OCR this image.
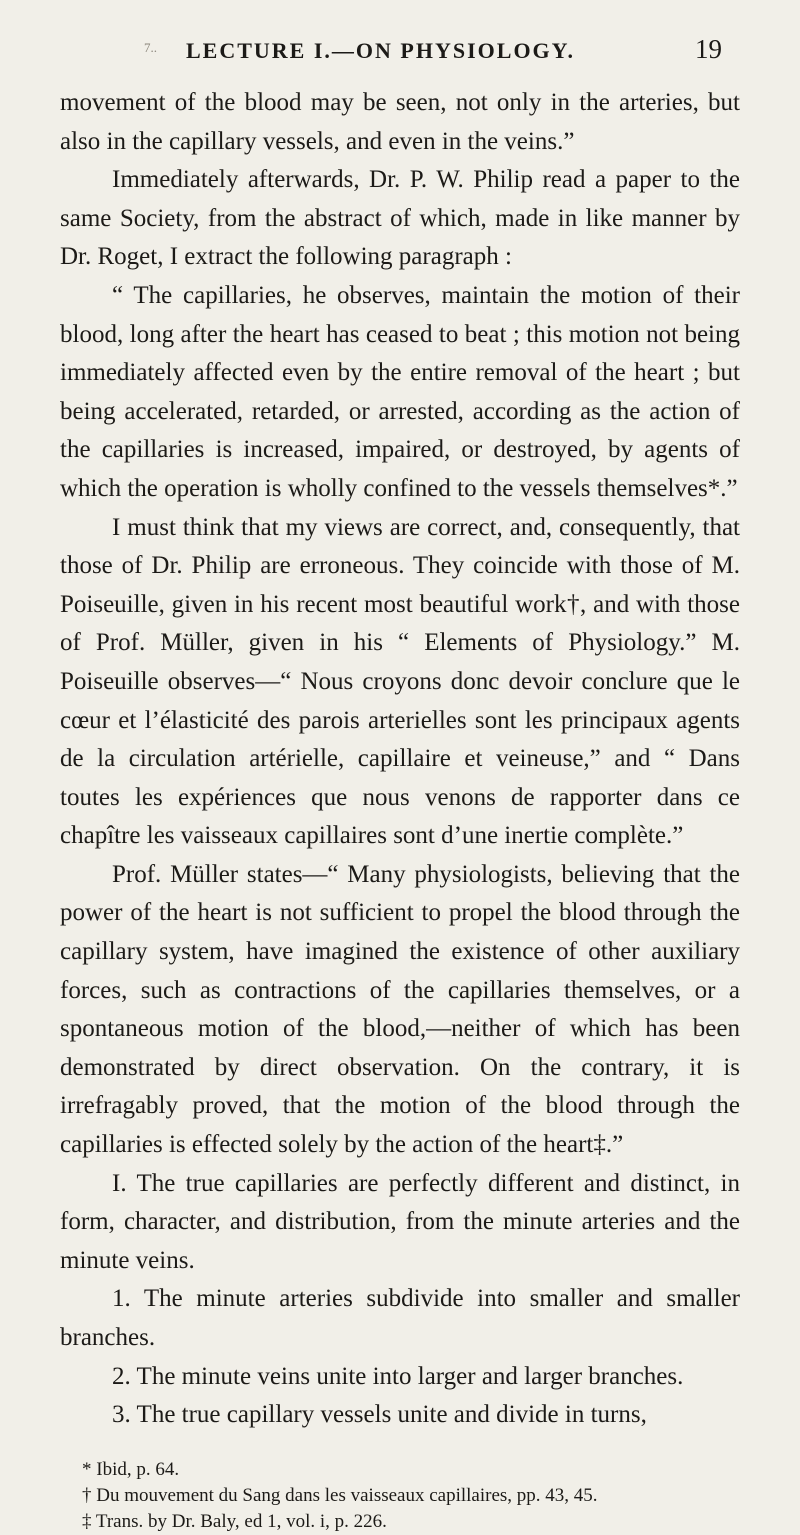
7.. LECTURE I.—ON PHYSIOLOGY.	19

movement of the blood may be seen, not only in the arteries, but also in the capillary vessels, and even in the veins.”

Immediately afterwards, Dr. P. W. Philip read a paper to the same Society, from the abstract of which, made in like manner by Dr. Roget, I extract the following paragraph :

“ The capillaries, he observes, maintain the motion of their blood, long after the heart has ceased to beat ; this motion not being immediately affected even by the entire removal of the heart ; but being accelerated, retarded, or arrested, according as the action of the capillaries is increased, impaired, or destroyed, by agents of which the operation is wholly confined to the vessels themselves*.”

I must think that my views are correct, and, consequently, that those of Dr. Philip are erroneous. They coincide with those of M. Poiseuille, given in his recent most beautiful work†, and with those of Prof. Müller, given in his “ Elements of Physiology.” M. Poiseuille observes—“ Nous croyons donc devoir conclure que le cœur et l’élasticité des parois arterielles sont les principaux agents de la circulation artérielle, capillaire et veineuse,” and “ Dans toutes les expériences que nous venons de rapporter dans ce chapître les vaisseaux capillaires sont d’une inertie complète.”

Prof. Müller states—“ Many physiologists, believing that the power of the heart is not sufficient to propel the blood through the capillary system, have imagined the existence of other auxiliary forces, such as contractions of the capillaries themselves, or a spontaneous motion of the blood,—neither of which has been demonstrated by direct observation. On the contrary, it is irrefragably proved, that the motion of the blood through the capillaries is effected solely by the action of the heart‡.”

I. The true capillaries are perfectly different and distinct, in form, character, and distribution, from the minute arteries and the minute veins.

1. The minute arteries subdivide into smaller and smaller branches.

2. The minute veins unite into larger and larger branches.

3. The true capillary vessels unite and divide in turns,

* Ibid, p. 64.
† Du mouvement du Sang dans les vaisseaux capillaires, pp. 43, 45.
‡ Trans. by Dr. Baly, ed 1, vol. i, p. 226.
